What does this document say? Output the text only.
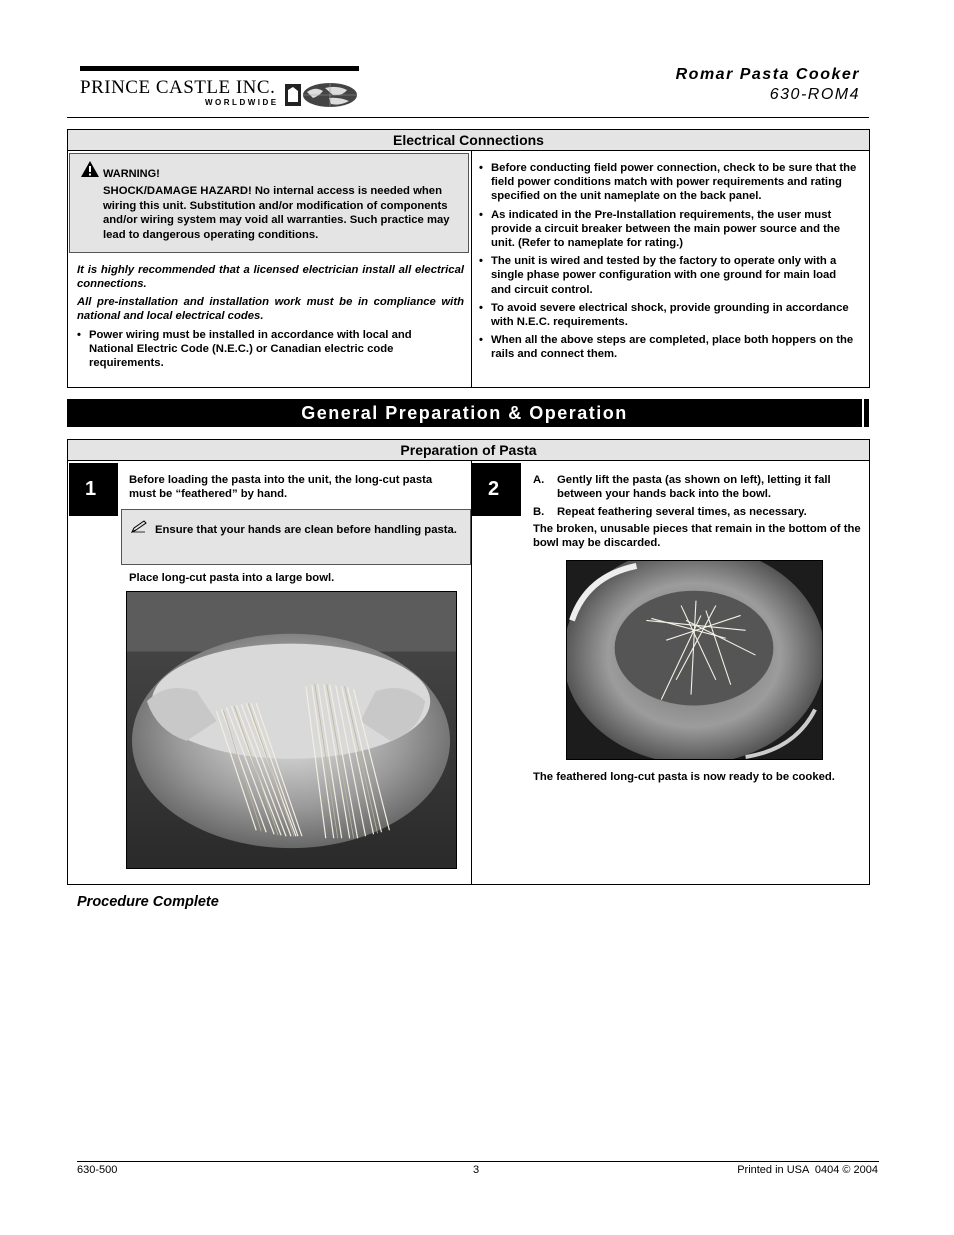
PRINCE CASTLE INC.
WORLDWIDE
Romar Pasta Cooker
630-ROM4
Electrical Connections
WARNING!
SHOCK/DAMAGE HAZARD! No internal access is needed when wiring this unit. Substitution and/or modification of components and/or wiring system may void all warranties. Such practice may lead to dangerous operating conditions.
It is highly recommended that a licensed electrician install all electrical connections.
All pre-installation and installation work must be in compliance with national and local electrical codes.
• Power wiring must be installed in accordance with local and National Electric Code (N.E.C.) or Canadian electric code requirements.
• Before conducting field power connection, check to be sure that the field power conditions match with power requirements and rating specified on the unit nameplate on the back panel.
• As indicated in the Pre-Installation requirements, the user must provide a circuit breaker between the main power source and the unit. (Refer to nameplate for rating.)
• The unit is wired and tested by the factory to operate only with a single phase power configuration with one ground for main load and circuit control.
• To avoid severe electrical shock, provide grounding in accordance with N.E.C. requirements.
• When all the above steps are completed, place both hoppers on the rails and connect them.
General Preparation & Operation
Preparation of Pasta
1	Before loading the pasta into the unit, the long-cut pasta must be “feathered” by hand.
Ensure that your hands are clean before handling pasta.
Place long-cut pasta into a large bowl.
2	A. Gently lift the pasta (as shown on left), letting it fall between your hands back into the bowl.
B. Repeat feathering several times, as necessary.
The broken, unusable pieces that remain in the bottom of the bowl may be discarded.
The feathered long-cut pasta is now ready to be cooked.
Procedure Complete
630-500	3	Printed in USA  0404 © 2004
